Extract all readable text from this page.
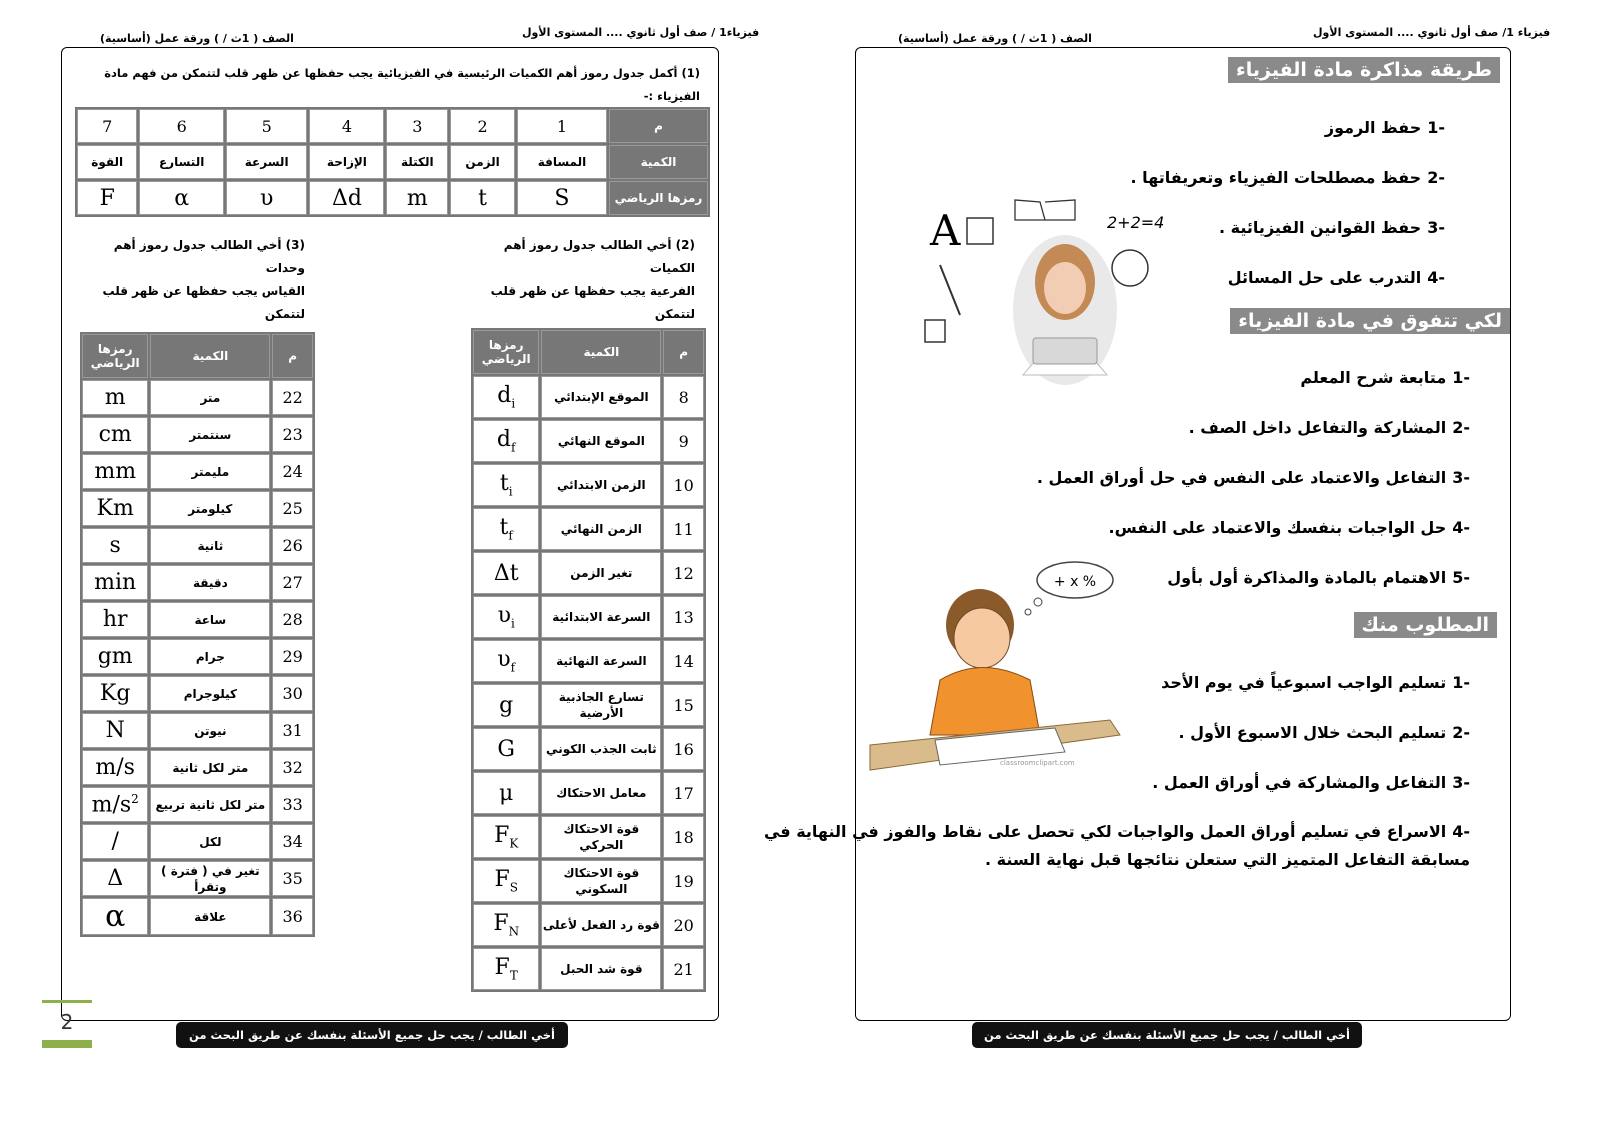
فيزياء1 / صف أول ثانوي .... المستوى الأول
الصف ( 1ث / ) ورقة عمل (أساسية)
(1) أكمل جدول رموز أهم الكميات الرئيسية في الفيزيائية يجب حفظها عن ظهر قلب لتتمكن من فهم مادة الفيزياء :-
م	1	2	3	4	5	6	7
الكمية	المسافة	الزمن	الكتلة	الإزاحة	السرعة	التسارع	القوة
رمزها الرياضي	S	t	m	Δd	υ	α	F
(2) أخي الطالب جدول رموز أهم الكميات
الفرعية يجب حفظها عن ظهر قلب لتتمكن
(3) أخي الطالب جدول رموز أهم وحدات
القياس يجب حفظها عن ظهر قلب لتتمكن
م	الكمية	رمزها الرياضي
8	الموقع الإبتدائي	$d_i$
9	الموقع النهائي	$d_f$
10	الزمن الابتدائي	$t_i$
11	الزمن النهائي	$t_f$
12	تغير الزمن	Δt
13	السرعة الابتدائية	$\upsilon_i$
14	السرعة النهائية	$\upsilon_f$
15	تسارع الجاذبية الأرضية	g
16	ثابت الجذب الكوني	G
17	معامل الاحتكاك	μ
18	قوة الاحتكاك الحركي	$F_K$
19	قوة الاحتكاك السكوني	$F_S$
20	قوة رد الفعل لأعلى	$F_N$
21	قوة شد الحبل	$F_T$
م	الكمية	رمزها الرياضي
22	متر	m
23	سنتمتر	cm
24	مليمتر	mm
25	كيلومتر	Km
26	ثانية	s
27	دقيقة	min
28	ساعة	hr
29	جرام	gm
30	كيلوجرام	Kg
31	نيوتن	N
32	متر لكل ثانية	m/s
33	متر لكل ثانية تربيع	$m/s^2$
34	لكل	/
35	تغير في ( فترة ) وتقرأ	Δ
36	علاقة	α
أخي الطالب / يجب حل جميع الأسئلة بنفسك عن طريق البحث من الكتاب المدرسي
2
فيزياء 1/ صف أول ثانوي .... المستوى الأول
الصف ( 1ث / ) ورقة عمل (أساسية)
طريقة مذاكرة مادة الفيزياء
-1حفظ الرموز
-2حفظ مصطلحات الفيزياء وتعريفاتها .
-3حفظ القوانين الفيزيائية .
-4التدرب على حل المسائل
A	2+2=4
لكي تتفوق في مادة الفيزياء
-1متابعة شرح المعلم
-2المشاركة والتفاعل داخل الصف .
-3التفاعل والاعتماد على النفس في حل أوراق العمل .
-4حل الواجبات بنفسك والاعتماد على النفس.
-5الاهتمام بالمادة والمذاكرة أول بأول
+ x %
classroomclipart.com
المطلوب منك
-1تسليم الواجب اسبوعياً في يوم الأحد
-2تسليم البحث خلال الاسبوع الأول .
-3التفاعل والمشاركة في أوراق العمل .
-4الاسراع في تسليم أوراق العمل والواجبات لكي تحصل على نقاط والفوز في النهاية في
مسابقة التفاعل المتميز التي ستعلن نتائجها قبل نهاية السنة .
أخي الطالب / يجب حل جميع الأسئلة بنفسك عن طريق البحث من الكتاب المدرسي
